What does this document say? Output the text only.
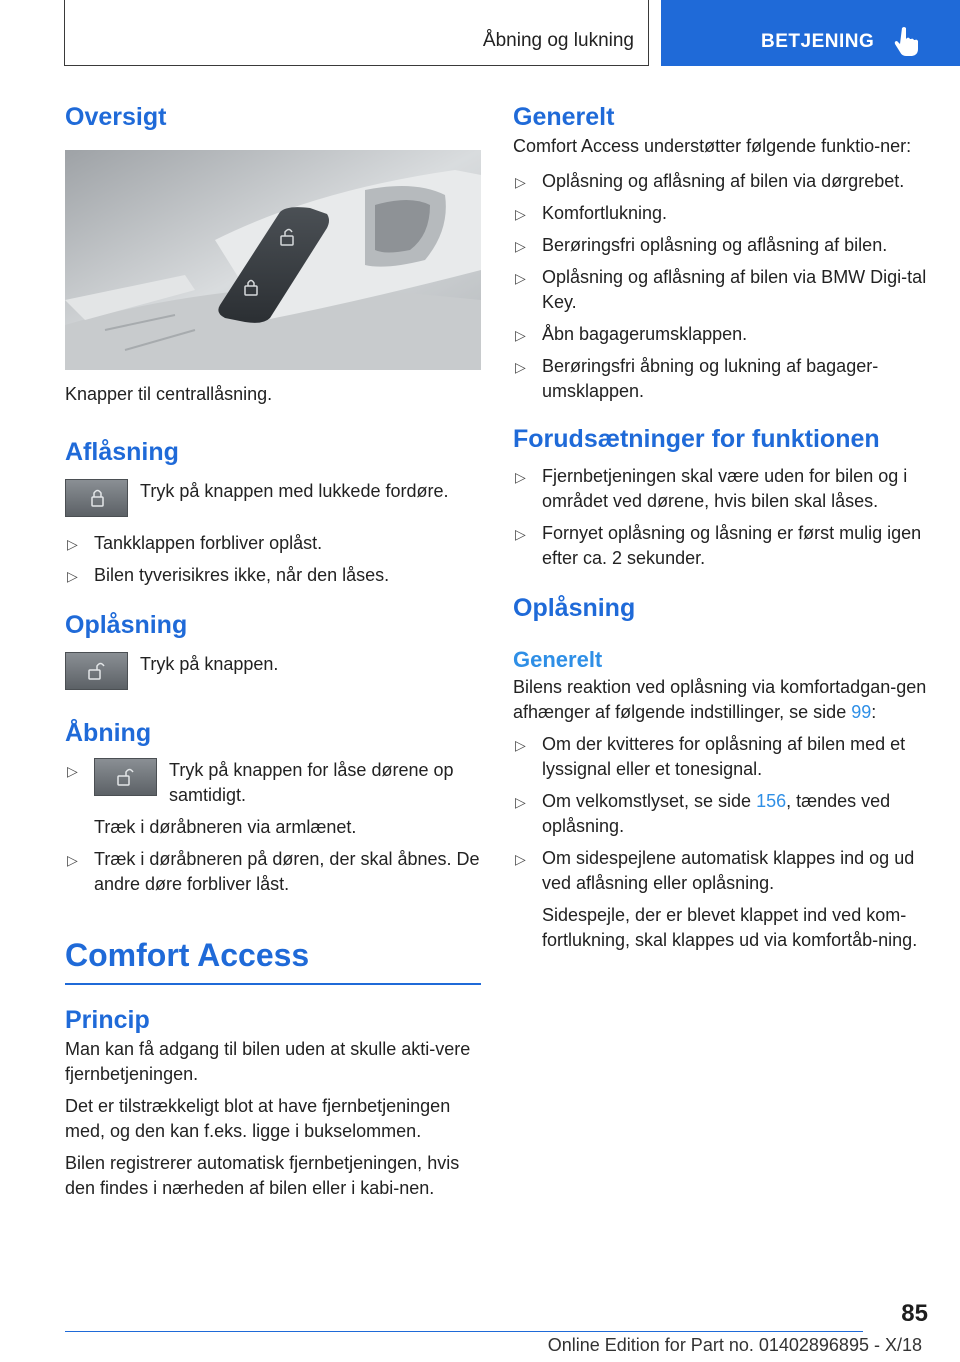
Åbning og lukning	BETJENING
Oversigt

Knapper til centrallåsning.

Aflåsning

Tryk på knappen med lukkede fordøre.

▷ Tankklappen forbliver oplåst.
▷ Bilen tyverisikres ikke, når den låses.
Oplåsning

Tryk på knappen.

Åbning
▷	Tryk på knappen for låse dørene op samtidigt.

Træk i døråbneren via armlænet.
▷ Træk i døråbneren på døren, der skal åbnes. De andre døre forbliver låst.
Comfort Access
Princip

Man kan få adgang til bilen uden at skulle akti-vere fjernbetjeningen.

Det er tilstrækkeligt blot at have fjernbetjeningen med, og den kan f.eks. ligge i bukselommen.

Bilen registrerer automatisk fjernbetjeningen, hvis den findes i nærheden af bilen eller i kabi-nen.

Generelt

Comfort Access understøtter følgende funktio-ner:

▷ Oplåsning og aflåsning af bilen via dørgrebet.
▷ Komfortlukning.
▷ Berøringsfri oplåsning og aflåsning af bilen.
▷ Oplåsning og aflåsning af bilen via BMW Digi-tal Key.
▷ Åbn bagagerumsklappen.
▷ Berøringsfri åbning og lukning af bagager-umsklappen.
Forudsætninger for funktionen
▷ Fjernbetjeningen skal være uden for bilen og i området ved dørene, hvis bilen skal låses.
▷ Fornyet oplåsning og låsning er først mulig igen efter ca. 2 sekunder.
Oplåsning
Generelt

Bilens reaktion ved oplåsning via komfortadgan-gen afhænger af følgende indstillinger, se side 99:

▷ Om der kvitteres for oplåsning af bilen med et lyssignal eller et tonesignal.
▷ Om velkomstlyset, se side 156, tændes ved oplåsning.
▷ Om sidespejlene automatisk klappes ind og ud ved aflåsning eller oplåsning.
Sidespejle, der er blevet klappet ind ved kom-fortlukning, skal klappes ud via komfortåb-ning.
85
Online Edition for Part no. 01402896895 - X/18
